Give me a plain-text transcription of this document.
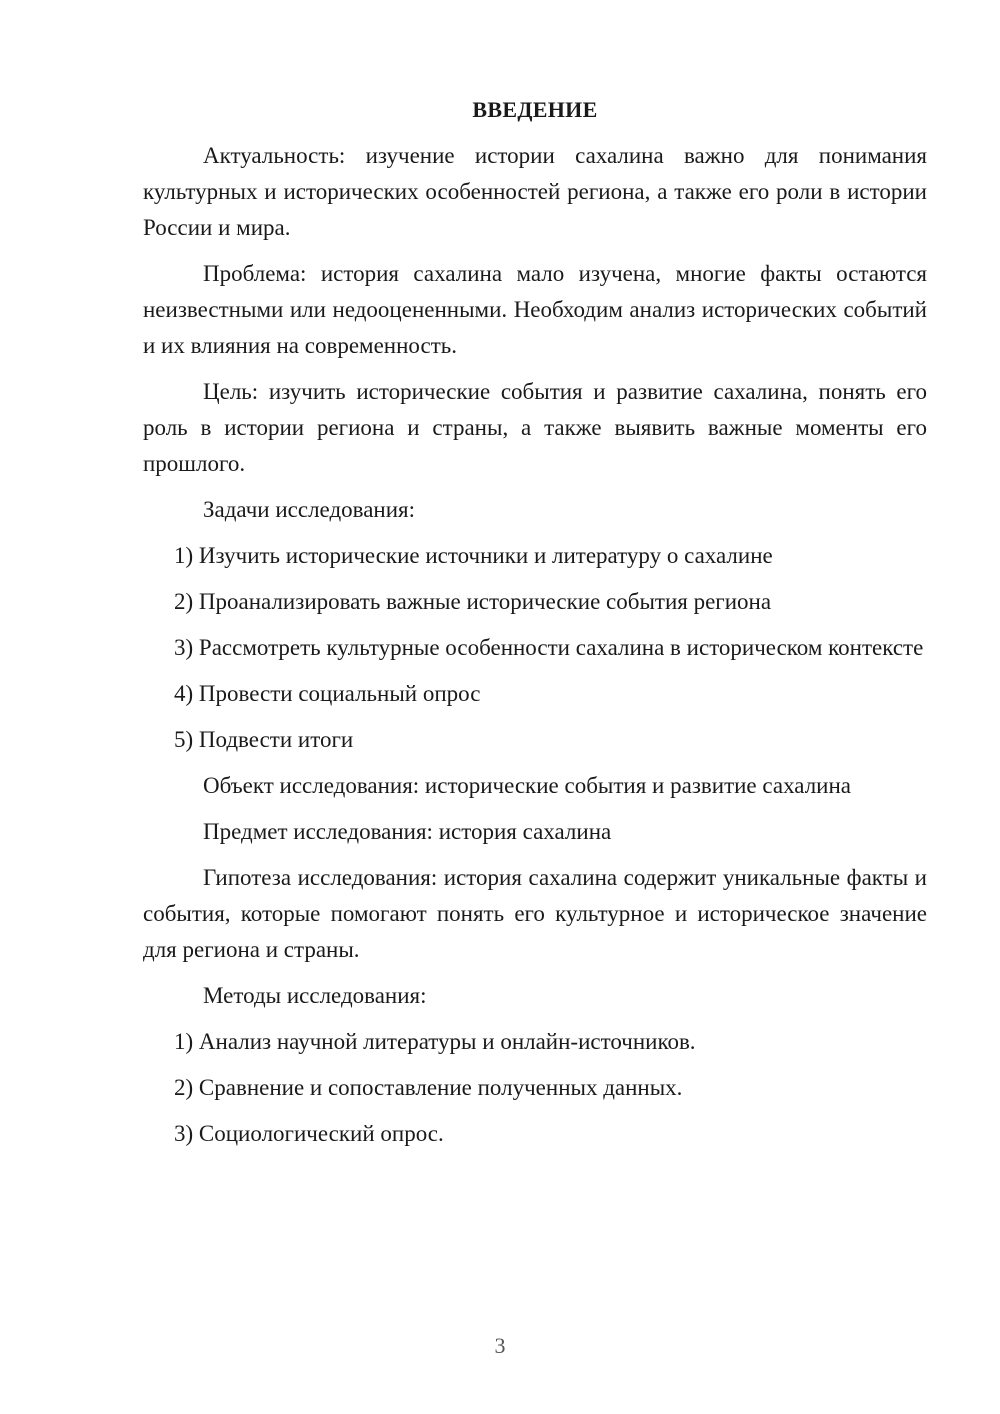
ВВЕДЕНИЕ

Актуальность: изучение истории сахалина важно для понимания культурных и исторических особенностей региона, а также его роли в истории России и мира.

Проблема: история сахалина мало изучена, многие факты остаются неизвестными или недооцененными. Необходим анализ исторических событий и их влияния на современность.

Цель: изучить исторические события и развитие сахалина, понять его роль в истории региона и страны, а также выявить важные моменты его прошлого.

Задачи исследования:

1) Изучить исторические источники и литературу о сахалине

2) Проанализировать важные исторические события региона

3) Рассмотреть культурные особенности сахалина в историческом контексте

4) Провести социальный опрос

5) Подвести итоги

Объект исследования: исторические события и развитие сахалина

Предмет исследования: история сахалина

Гипотеза исследования: история сахалина содержит уникальные факты и события, которые помогают понять его культурное и историческое значение для региона и страны.

Методы исследования:

1) Анализ научной литературы и онлайн-источников.

2) Сравнение и сопоставление полученных данных.

3) Социологический опрос.

3
